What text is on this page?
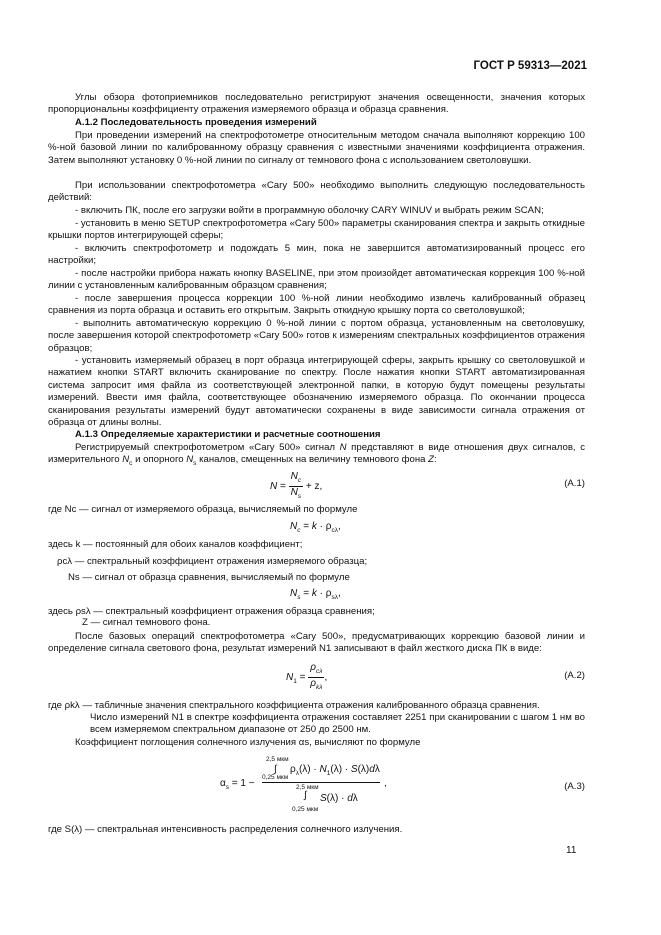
ГОСТ Р 59313—2021
Углы обзора фотоприемников последовательно регистрируют значения освещенности, значения которых пропорциональны коэффициенту отражения измеряемого образца и образца сравнения.
А.1.2 Последовательность проведения измерений
При проведении измерений на спектрофотометре относительным методом сначала выполняют коррекцию 100 %-ной базовой линии по калиброванному образцу сравнения с известными значениями коэффициента отражения. Затем выполняют установку 0 %-ной линии по сигналу от темнового фона с использованием светоловушки.
При использовании спектрофотометра «Cary 500» необходимо выполнить следующую последовательность действий:
- включить ПК, после его загрузки войти в программную оболочку CARY WINUV и выбрать режим SCAN;
- установить в меню SETUP спектрофотометра «Cary 500» параметры сканирования спектра и закрыть откидные крышки портов интегрирующей сферы;
- включить спектрофотометр и подождать 5 мин, пока не завершится автоматизированный процесс его настройки;
- после настройки прибора нажать кнопку BASELINE, при этом произойдет автоматическая коррекция 100 %-ной линии с установленным калиброванным образцом сравнения;
- после завершения процесса коррекции 100 %-ной линии необходимо извлечь калиброванный образец сравнения из порта образца и оставить его открытым. Закрыть откидную крышку порта со светоловушкой;
- выполнить автоматическую коррекцию 0 %-ной линии с портом образца, установленным на светоловушку, после завершения которой спектрофотометр «Cary 500» готов к измерениям спектральных коэффициентов отражения образцов;
- установить измеряемый образец в порт образца интегрирующей сферы, закрыть крышку со светоловушкой и нажатием кнопки START включить сканирование по спектру. После нажатия кнопки START автоматизированная система запросит имя файла из соответствующей электронной папки, в которую будут помещены результаты измерений. Ввести имя файла, соответствующее обозначению измеряемого образца. По окончании процесса сканирования результаты измерений будут автоматически сохранены в виде зависимости сигнала отражения от образца от длины волны.
А.1.3 Определяемые характеристики и расчетные соотношения
Регистрируемый спектрофотометром «Cary 500» сигнал N представляют в виде отношения двух сигналов, с измерительного $N_c$ и опорного $N_s$ каналов, смещенных на величину темнового фона Z:
$N = \frac{N_c}{N_s} + z$,	(А.1)
где Nc — сигнал от измеряемого образца, вычисляемый по формуле
$N_c = k \cdot \rho_{c\lambda}$,
здесь k — постоянный для обоих каналов коэффициент;
ρcλ — спектральный коэффициент отражения измеряемого образца;
Ns — сигнал от образца сравнения, вычисляемый по формуле
$N_s = k \cdot \rho_{s\lambda}$,
здесь ρsλ — спектральный коэффициент отражения образца сравнения;
Z — сигнал темнового фона.
После базовых операций спектрофотометра «Cary 500», предусматривающих коррекцию базовой линии и определение сигнала светового фона, результат измерений N1 записывают в файл жесткого диска ПК в виде:
$N_1 = \frac{\rho_{c\lambda}}{\rho_{k\lambda}}$ ,	(А.2)
где ρkλ — табличные значения спектрального коэффициента отражения калиброванного образца сравнения.
Число измерений N1 в спектре коэффициента отражения составляет 2251 при сканировании с шагом 1 нм во всем измеряемом спектральном диапазоне от 250 до 2500 нм.
Коэффициент поглощения солнечного излучения αs, вычисляют по формуле
$\alpha_s = 1$ −
2,5 мкм
∫
0,25 мкм
$\rho_\lambda(\lambda) \cdot N_1(\lambda) \cdot S(\lambda)d\lambda$
2,5 мкм
∫
0,25 мкм
S(λ) · dλ
,	(А.3)
где S(λ) — спектральная интенсивность распределения солнечного излучения.
11
